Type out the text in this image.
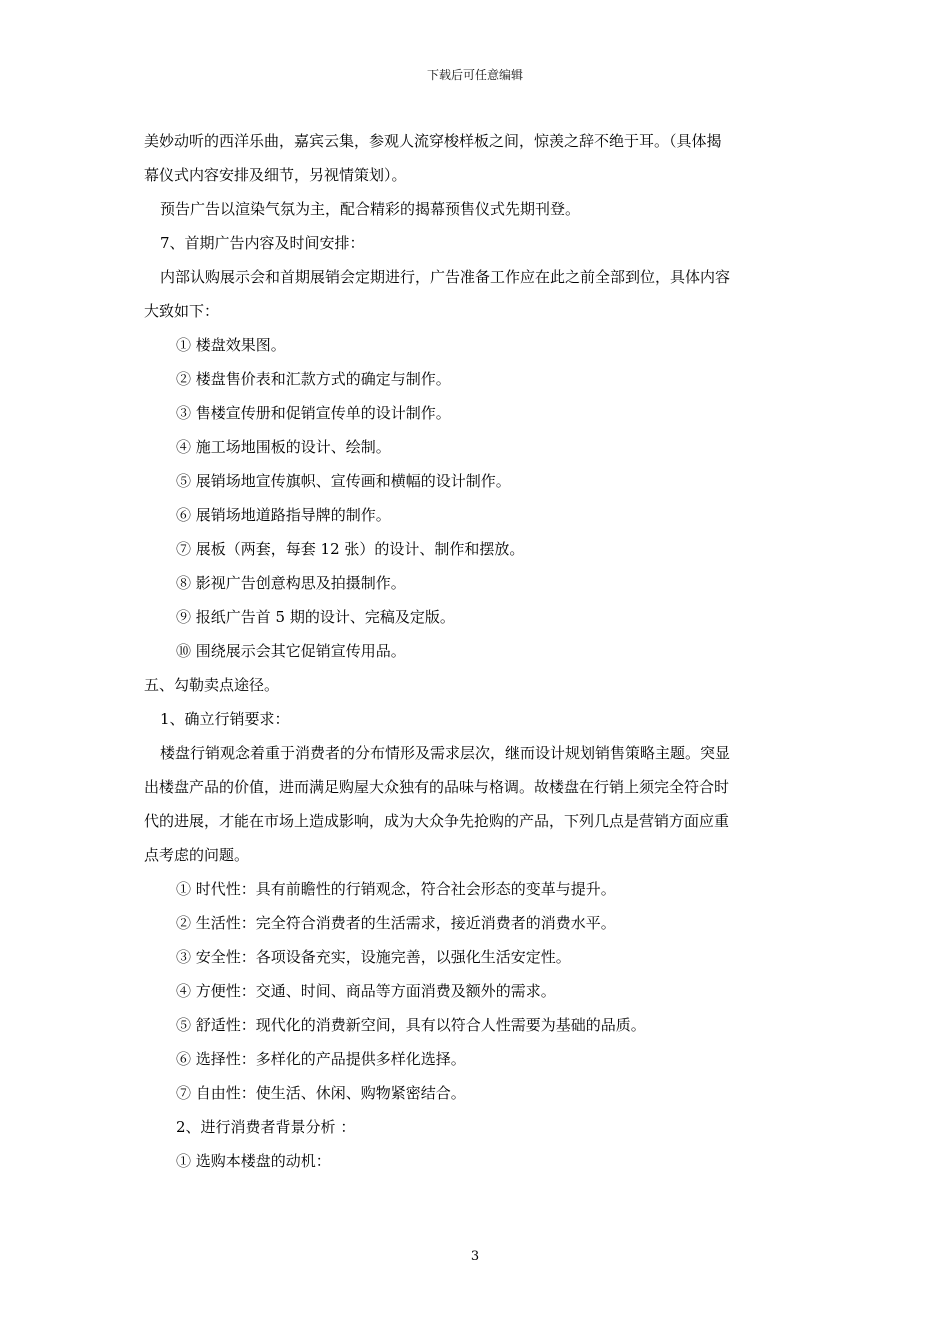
下载后可任意编辑
美妙动听的西洋乐曲，嘉宾云集，参观人流穿梭样板之间，惊羡之辞不绝于耳。（具体揭
幕仪式内容安排及细节，另视情策划）。
预告广告以渲染气氛为主，配合精彩的揭幕预售仪式先期刊登。
7、首期广告内容及时间安排：
内部认购展示会和首期展销会定期进行，广告准备工作应在此之前全部到位，具体内容
大致如下：
① 楼盘效果图。
② 楼盘售价表和汇款方式的确定与制作。
③ 售楼宣传册和促销宣传单的设计制作。
④ 施工场地围板的设计、绘制。
⑤ 展销场地宣传旗帜、宣传画和横幅的设计制作。
⑥ 展销场地道路指导牌的制作。
⑦ 展板（两套，每套 12 张）的设计、制作和摆放。
⑧ 影视广告创意构思及拍摄制作。
⑨ 报纸广告首 5 期的设计、完稿及定版。
⑩ 围绕展示会其它促销宣传用品。
五、勾勒卖点途径。
1、确立行销要求：
楼盘行销观念着重于消费者的分布情形及需求层次，继而设计规划销售策略主题。突显
出楼盘产品的价值，进而满足购屋大众独有的品味与格调。故楼盘在行销上须完全符合时
代的进展，才能在市场上造成影响，成为大众争先抢购的产品，下列几点是营销方面应重
点考虑的问题。
① 时代性：具有前瞻性的行销观念，符合社会形态的变革与提升。
② 生活性：完全符合消费者的生活需求，接近消费者的消费水平。
③ 安全性：各项设备充实，设施完善，以强化生活安定性。
④ 方便性：交通、时间、商品等方面消费及额外的需求。
⑤ 舒适性：现代化的消费新空间，具有以符合人性需要为基础的品质。
⑥ 选择性：多样化的产品提供多样化选择。
⑦ 自由性：使生活、休闲、购物紧密结合。
2、进行消费者背景分析 ：
① 选购本楼盘的动机：
3
